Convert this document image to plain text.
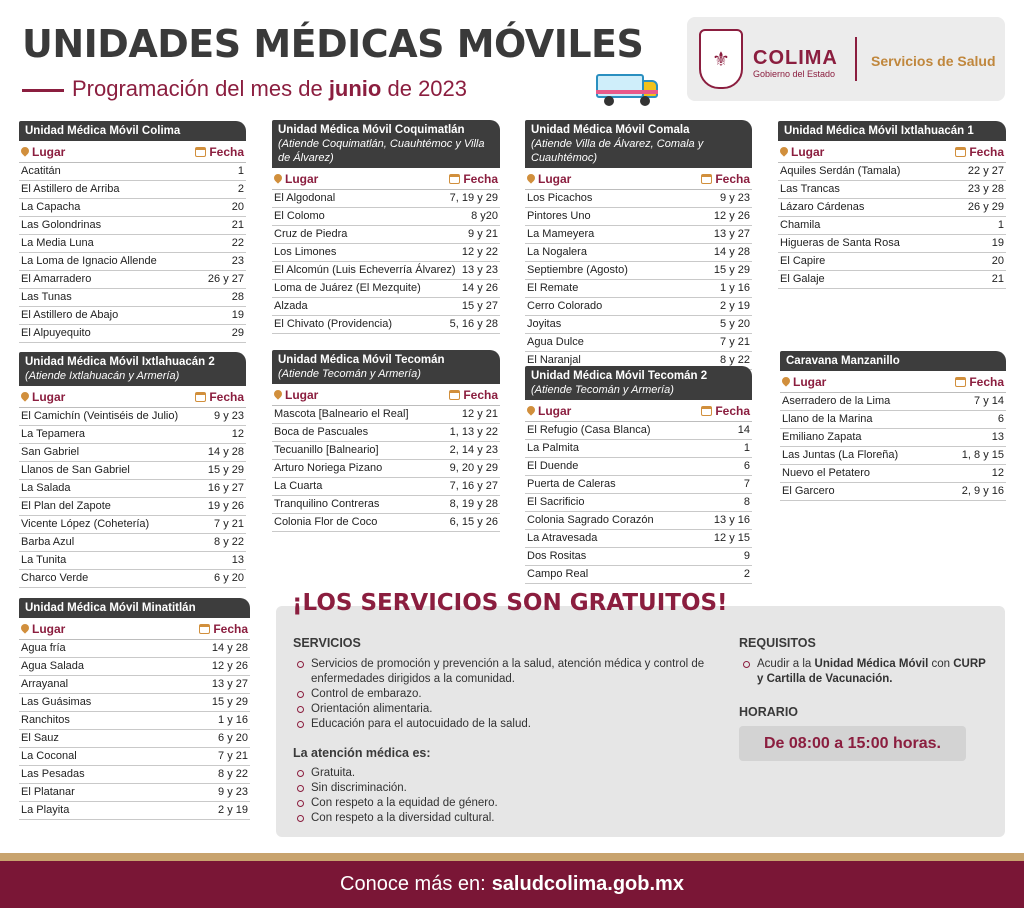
UNIDADES MÉDICAS MÓVILES
Programación del mes de junio de 2023
⚜	COLIMA
Gobierno del Estado
Servicios de Salud
Unidad Médica Móvil Colima
Lugar	Fecha
Acatitán	1
El Astillero de Arriba	2
La Capacha	20
Las Golondrinas	21
La Media Luna	22
La Loma de Ignacio Allende	23
El Amarradero	26 y 27
Las Tunas	28
El Astillero de Abajo	19
El Alpuyequito	29
Unidad Médica Móvil Ixtlahuacán 2
(Atiende Ixtlahuacán y Armería)
Lugar	Fecha
El Camichín (Veintiséis de Julio)	9 y 23
La Tepamera	12
San Gabriel	14 y 28
Llanos de San Gabriel	15 y 29
La Salada	16 y 27
El Plan del Zapote	19 y 26
Vicente López (Cohetería)	7 y 21
Barba Azul	8 y 22
La Tunita	13
Charco Verde	6 y 20
Unidad Médica Móvil Minatitlán
Lugar	Fecha
Agua fría	14 y 28
Agua Salada	12 y 26
Arrayanal	13 y 27
Las Guásimas	15 y 29
Ranchitos	1 y 16
El Sauz	6 y 20
La Coconal	7 y 21
Las Pesadas	8 y 22
El Platanar	9 y 23
La Playita	2 y 19
Unidad Médica Móvil Coquimatlán
(Atiende Coquimatlán, Cuauhtémoc y Villa de Álvarez)
Lugar	Fecha
El Algodonal	7, 19 y 29
El Colomo	8 y20
Cruz de Piedra	9 y 21
Los Limones	12 y 22
El Alcomún (Luis Echeverría Álvarez) 13 y 23
Loma de Juárez (El Mezquite)	14 y 26
Alzada	15 y 27
El Chivato (Providencia)	5, 16 y 28
Unidad Médica Móvil Tecomán
(Atiende Tecomán y Armería)
Lugar	Fecha
Mascota [Balneario el Real]	12 y 21
Boca de Pascuales	1, 13 y 22
Tecuanillo [Balneario]	2, 14 y 23
Arturo Noriega Pizano	9, 20 y 29
La Cuarta	7, 16 y 27
Tranquilino Contreras	8, 19 y 28
Colonia Flor de Coco	6, 15 y 26
Unidad Médica Móvil Comala
(Atiende Villa de Álvarez, Comala y Cuauhtémoc)
Lugar	Fecha
Los Picachos	9 y 23
Pintores Uno	12 y 26
La Mameyera	13 y 27
La Nogalera	14 y 28
Septiembre (Agosto)	15 y 29
El Remate	1 y 16
Cerro Colorado	2 y 19
Joyitas	5 y 20
Agua Dulce	7 y 21
El Naranjal	8 y 22
Unidad Médica Móvil Tecomán 2
(Atiende Tecomán y Armería)
Lugar	Fecha
El Refugio (Casa Blanca)	14
La Palmita	1
El Duende	6
Puerta de Caleras	7
El Sacrificio	8
Colonia Sagrado Corazón	13 y 16
La Atravesada	12 y 15
Dos Rositas	9
Campo Real	2
Unidad Médica Móvil Ixtlahuacán 1
Lugar	Fecha
Aquiles Serdán (Tamala)	22 y 27
Las Trancas	23 y 28
Lázaro Cárdenas	26 y 29
Chamila	1
Higueras de Santa Rosa	19
El Capire	20
El Galaje	21
Caravana Manzanillo
Lugar	Fecha
Aserradero de la Lima	7 y 14
Llano de la Marina	6
Emiliano Zapata	13
Las Juntas (La Floreña)	1, 8 y 15
Nuevo el Petatero	12
El Garcero	2, 9 y 16
¡LOS SERVICIOS SON GRATUITOS!
SERVICIOS
Servicios de promoción y prevención a la salud, atención médica y control de enfermedades dirigidos a la comunidad.
Control de embarazo.
Orientación alimentaria.
Educación para el autocuidado de la salud.
La atención médica es:
Gratuita.
Sin discriminación.
Con respeto a la equidad de género.
Con respeto a la diversidad cultural.
REQUISITOS
Acudir a la Unidad Médica Móvil con CURP y Cartilla de Vacunación.
HORARIO
De 08:00 a 15:00 horas.
Conoce más en: saludcolima.gob.mx
